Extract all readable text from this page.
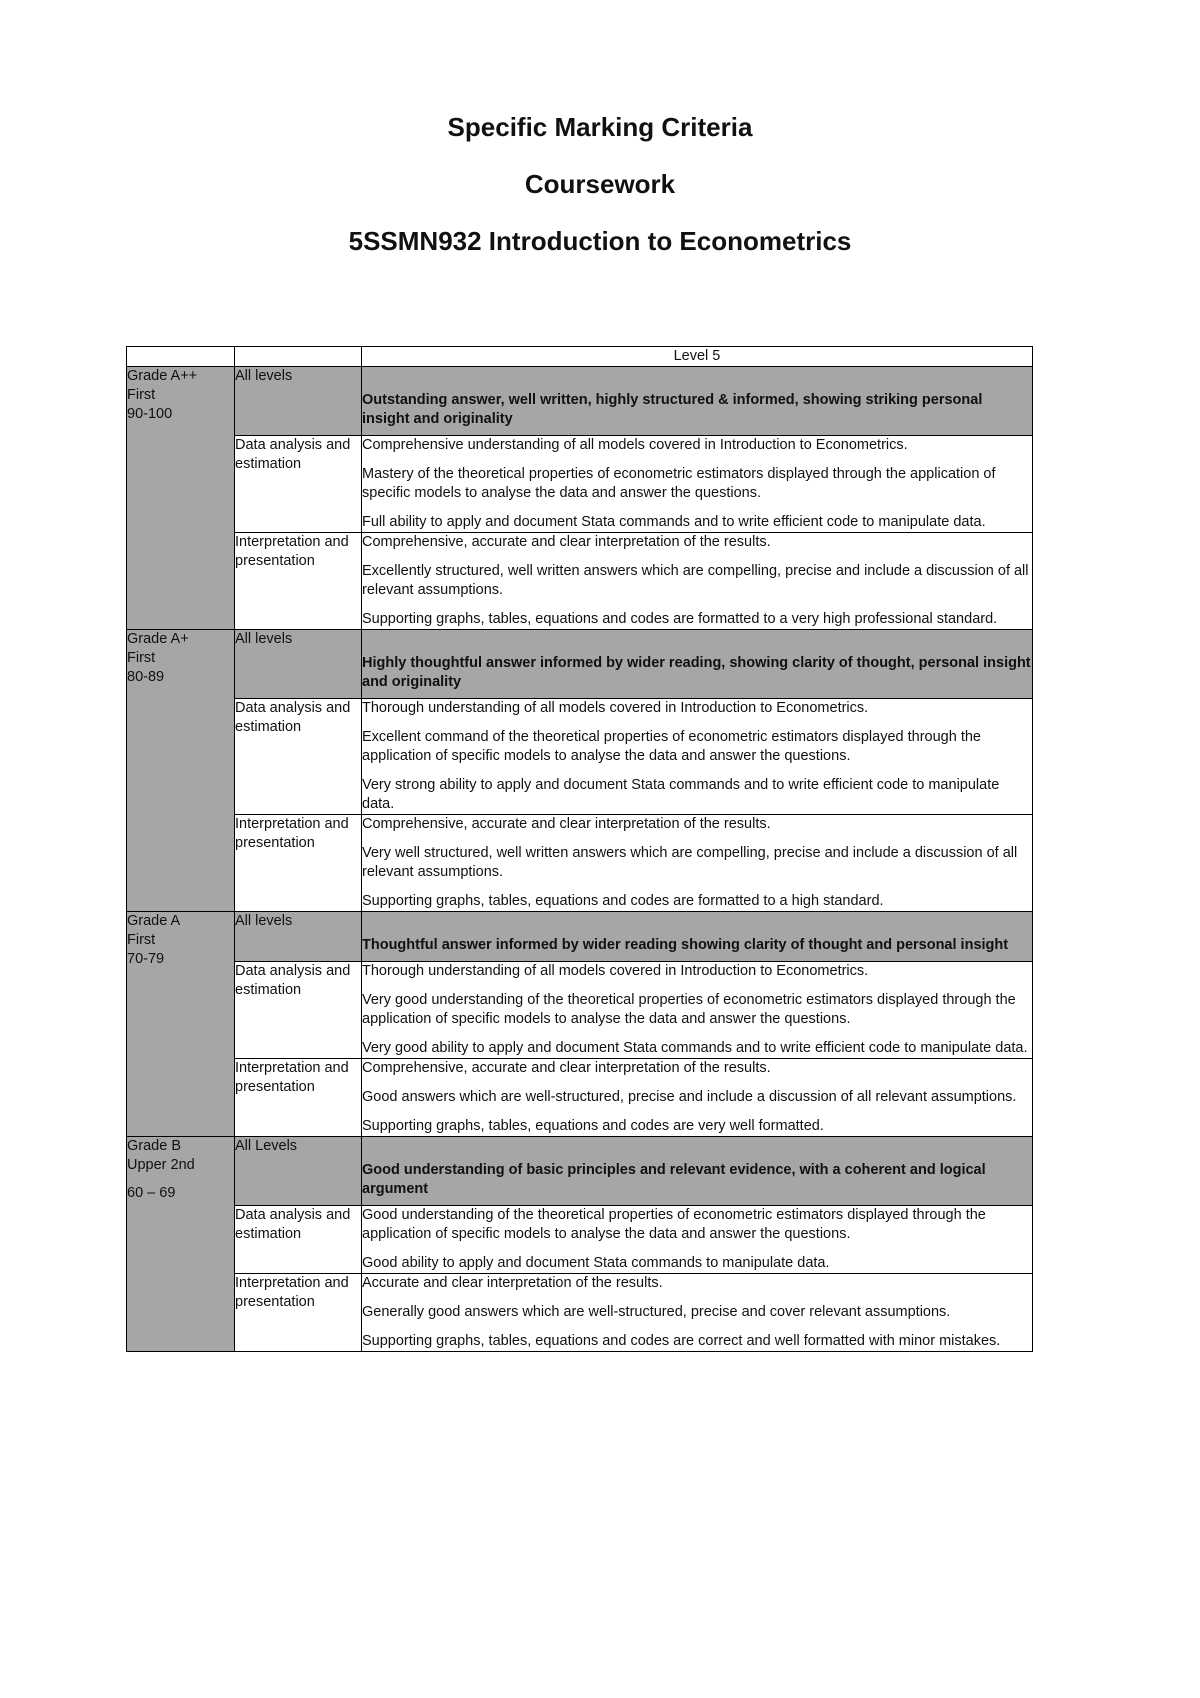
Specific Marking Criteria
Coursework
5SSMN932 Introduction to Econometrics
		Level 5

Grade A++
First
90-100	All levels	Outstanding answer, well written, highly structured & informed, showing striking personal insight and originality
	Data analysis and estimation	Comprehensive understanding of all models covered in Introduction to Econometrics.

Mastery of the theoretical properties of econometric estimators displayed through the application of specific models to analyse the data and answer the questions.

Full ability to apply and document Stata commands and to write efficient code to manipulate data.

	Interpretation and presentation	Comprehensive, accurate and clear interpretation of the results.

Excellently structured, well written answers which are compelling, precise and include a discussion of all relevant assumptions.

Supporting graphs, tables, equations and codes are formatted to a very high professional standard.

Grade A+
First
80-89	All levels	Highly thoughtful answer informed by wider reading, showing clarity of thought, personal insight and originality
	Data analysis and estimation	Thorough understanding of all models covered in Introduction to Econometrics.

Excellent command of the theoretical properties of econometric estimators displayed through the application of specific models to analyse the data and answer the questions.

Very strong ability to apply and document Stata commands and to write efficient code to manipulate data.

	Interpretation and presentation	Comprehensive, accurate and clear interpretation of the results.

Very well structured, well written answers which are compelling, precise and include a discussion of all relevant assumptions.

Supporting graphs, tables, equations and codes are formatted to a high standard.

Grade A
First
70-79	All levels	Thoughtful answer informed by wider reading showing clarity of thought and personal insight
	Data analysis and estimation	Thorough understanding of all models covered in Introduction to Econometrics.

Very good understanding of the theoretical properties of econometric estimators displayed through the application of specific models to analyse the data and answer the questions.

Very good ability to apply and document Stata commands and to write efficient code to manipulate data.

	Interpretation and presentation	Comprehensive, accurate and clear interpretation of the results.

Good answers which are well-structured, precise and include a discussion of all relevant assumptions.

Supporting graphs, tables, equations and codes are very well formatted.

Grade B
Upper 2nd
60 – 69	All Levels	Good understanding of basic principles and relevant evidence, with a coherent and logical argument
	Data analysis and estimation	Good understanding of the theoretical properties of econometric estimators displayed through the application of specific models to analyse the data and answer the questions.

Good ability to apply and document Stata commands to manipulate data.

	Interpretation and presentation	Accurate and clear interpretation of the results.

Generally good answers which are well-structured, precise and cover relevant assumptions.

Supporting graphs, tables, equations and codes are correct and well formatted with minor mistakes.
